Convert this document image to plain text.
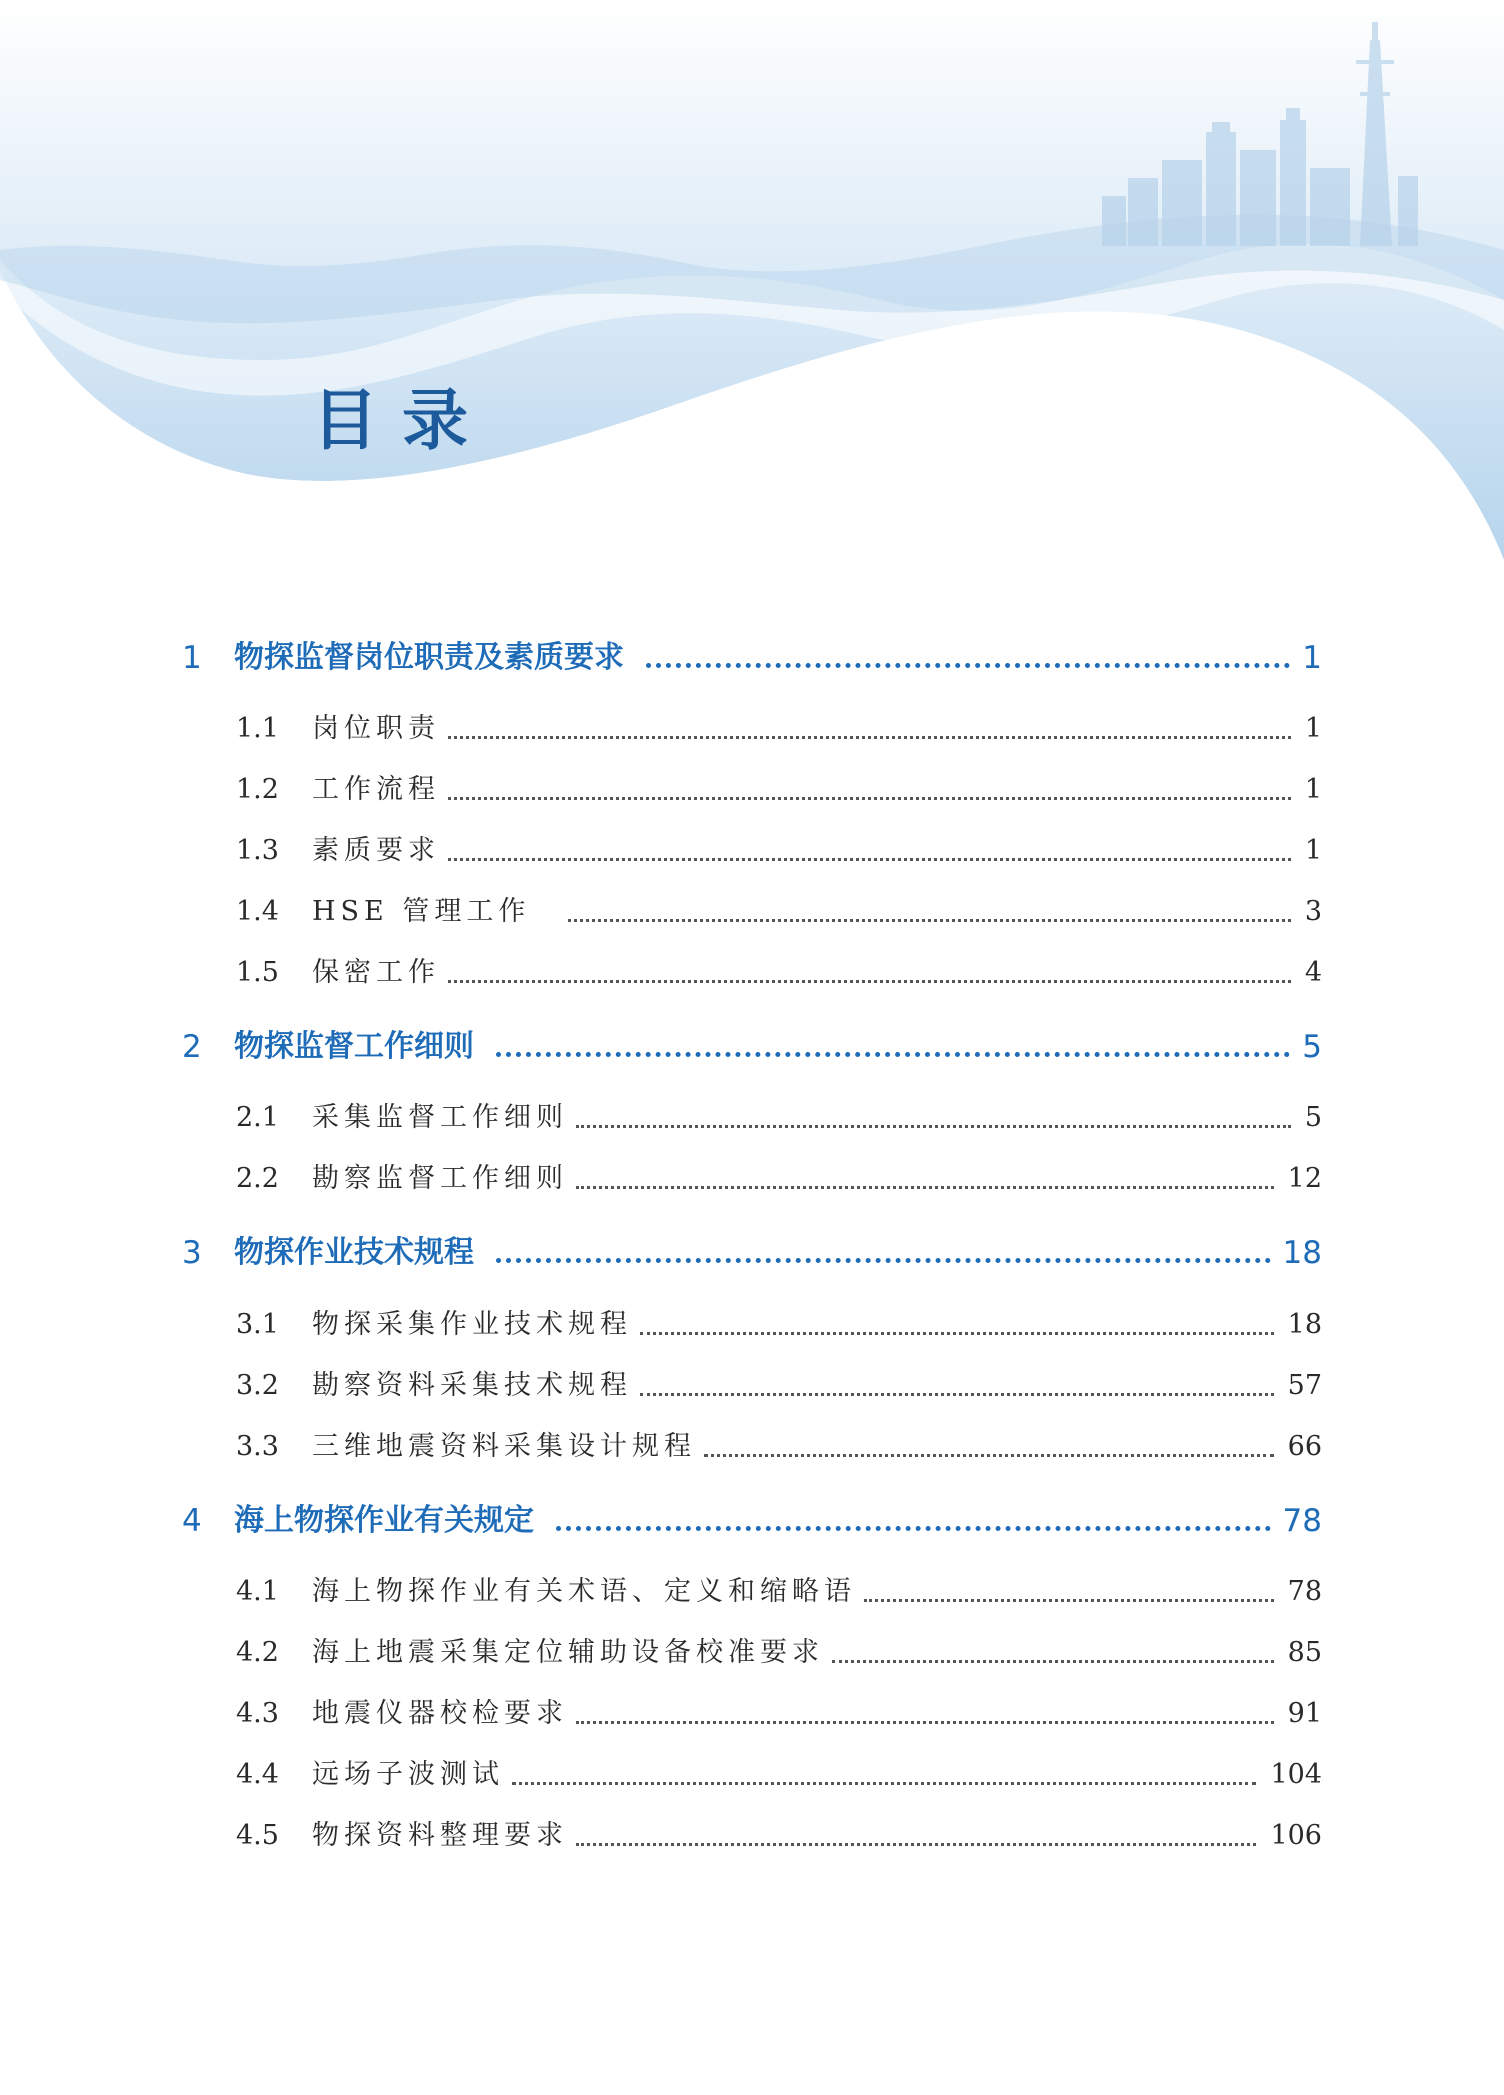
目录
1 物探监督岗位职责及素质要求	1
1.1 岗位职责	1
1.2 工作流程	1
1.3 素质要求	1
1.4 HSE 管理工作	3
1.5 保密工作	4
2 物探监督工作细则	5
2.1 采集监督工作细则	5
2.2 勘察监督工作细则	12
3 物探作业技术规程	18
3.1 物探采集作业技术规程	18
3.2 勘察资料采集技术规程	57
3.3 三维地震资料采集设计规程	66
4 海上物探作业有关规定	78
4.1 海上物探作业有关术语、定义和缩略语	78
4.2 海上地震采集定位辅助设备校准要求	85
4.3 地震仪器校检要求	91
4.4 远场子波测试	104
4.5 物探资料整理要求	106
